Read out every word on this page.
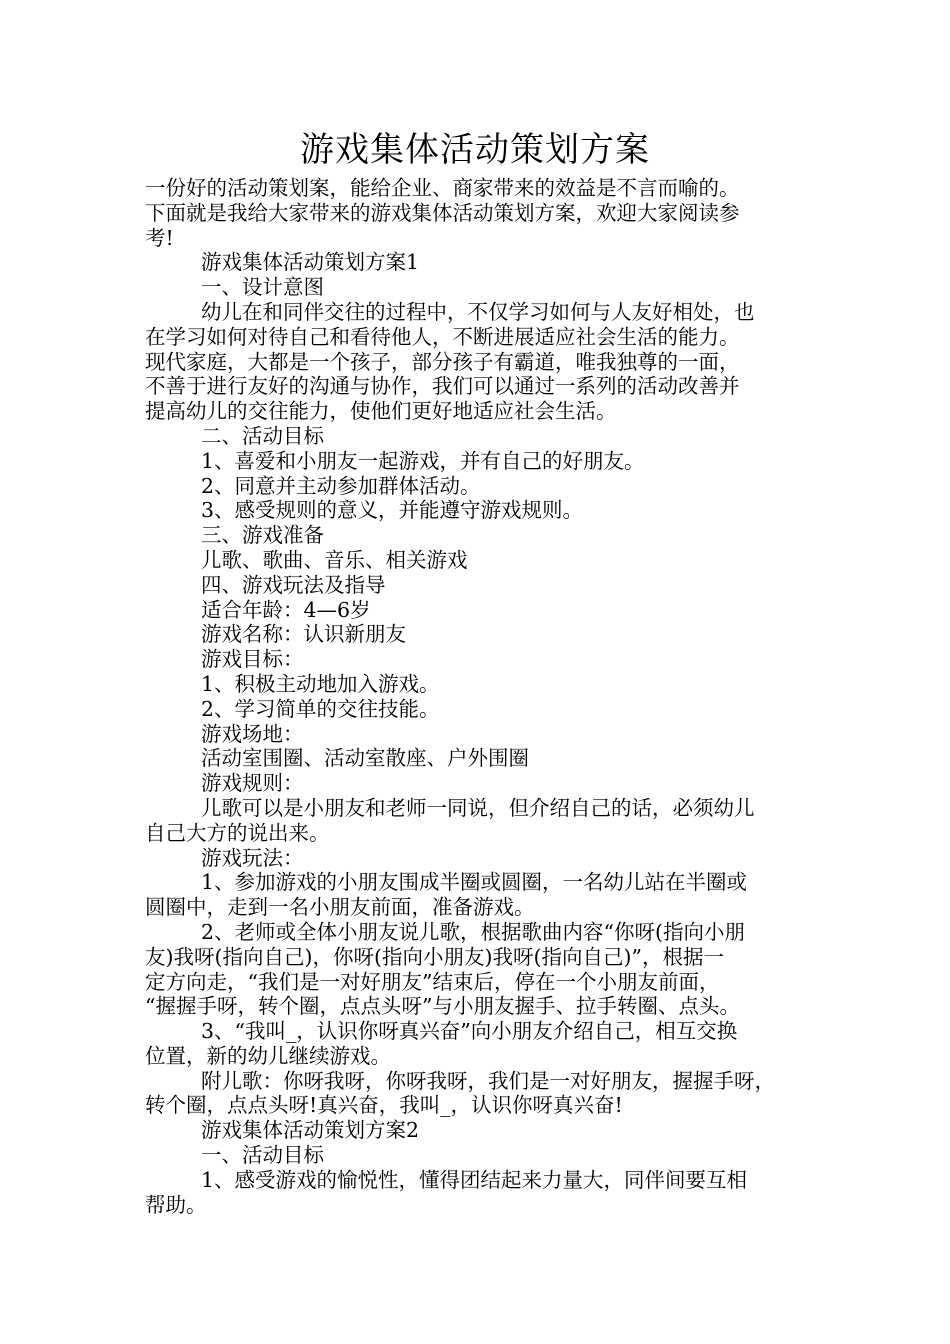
游戏集体活动策划方案

一份好的活动策划案，能给企业、商家带来的效益是不言而喻的。

下面就是我给大家带来的游戏集体活动策划方案，欢迎大家阅读参

考!

游戏集体活动策划方案1

一、设计意图

幼儿在和同伴交往的过程中，不仅学习如何与人友好相处，也

在学习如何对待自己和看待他人，不断进展适应社会生活的能力。

现代家庭，大都是一个孩子，部分孩子有霸道，唯我独尊的一面，

不善于进行友好的沟通与协作，我们可以通过一系列的活动改善并

提高幼儿的交往能力，使他们更好地适应社会生活。

二、活动目标

1、喜爱和小朋友一起游戏，并有自己的好朋友。

2、同意并主动参加群体活动。

3、感受规则的意义，并能遵守游戏规则。

三、游戏准备

儿歌、歌曲、音乐、相关游戏

四、游戏玩法及指导

适合年龄：4—6岁

游戏名称：认识新朋友

游戏目标：

1、积极主动地加入游戏。

2、学习简单的交往技能。

游戏场地：

活动室围圈、活动室散座、户外围圈

游戏规则：

儿歌可以是小朋友和老师一同说，但介绍自己的话，必须幼儿

自己大方的说出来。

游戏玩法：

1、参加游戏的小朋友围成半圈或圆圈，一名幼儿站在半圈或

圆圈中，走到一名小朋友前面，准备游戏。

2、老师或全体小朋友说儿歌，根据歌曲内容“你呀(指向小朋

友)我呀(指向自己)，你呀(指向小朋友)我呀(指向自己)”，根据一

定方向走，“我们是一对好朋友”结束后，停在一个小朋友前面，

“握握手呀，转个圈，点点头呀”与小朋友握手、拉手转圈、点头。

3、“我叫_，认识你呀真兴奋”向小朋友介绍自己，相互交换

位置，新的幼儿继续游戏。

附儿歌：你呀我呀，你呀我呀，我们是一对好朋友，握握手呀，

转个圈，点点头呀!真兴奋，我叫_，认识你呀真兴奋!

游戏集体活动策划方案2

一、活动目标

1、感受游戏的愉悦性，懂得团结起来力量大，同伴间要互相

帮助。
